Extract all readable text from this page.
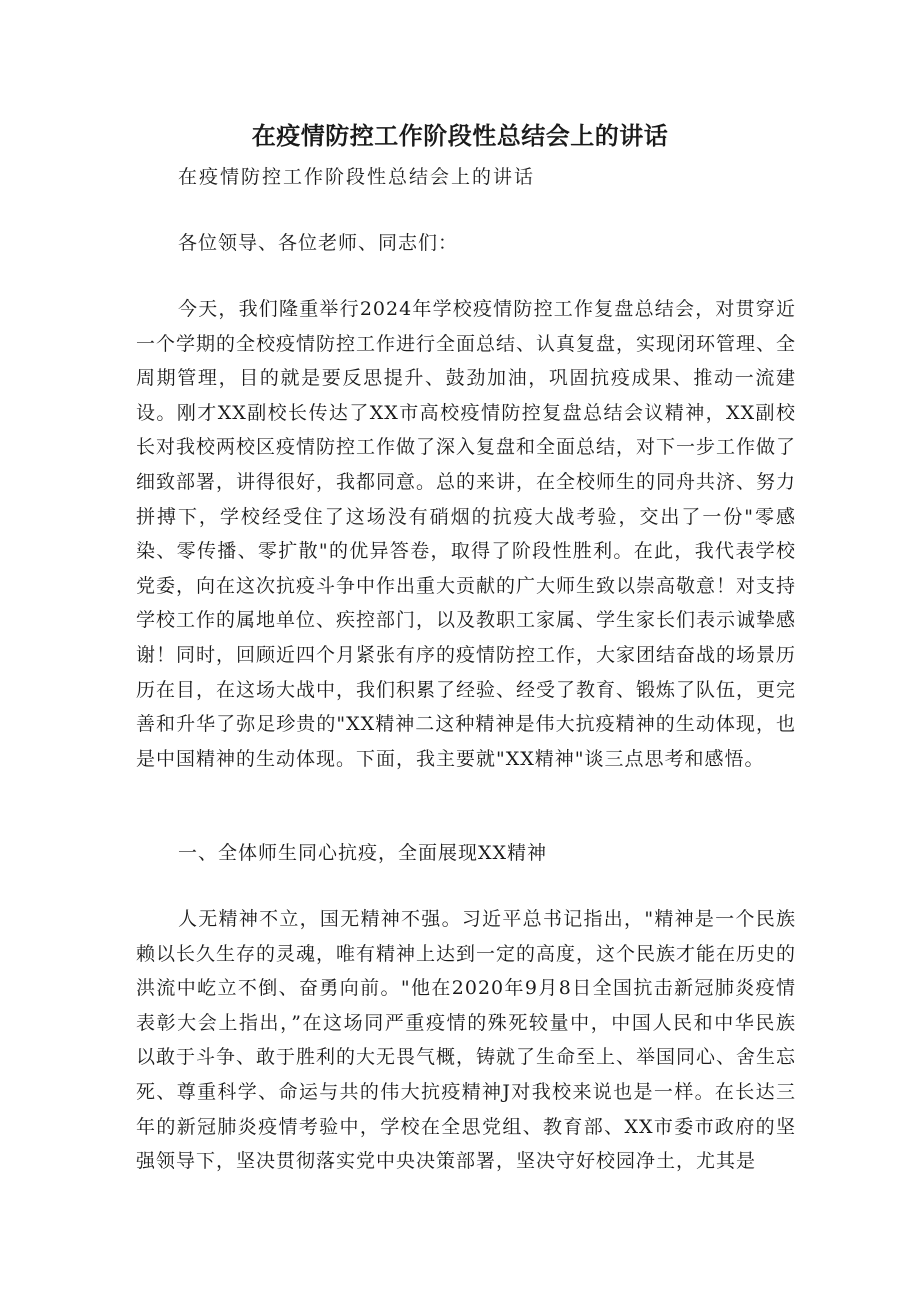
在疫情防控工作阶段性总结会上的讲话
在疫情防控工作阶段性总结会上的讲话
各位领导、各位老师、同志们：
今天，我们隆重举行2024年学校疫情防控工作复盘总结会，对贯穿近一个学期的全校疫情防控工作进行全面总结、认真复盘，实现闭环管理、全周期管理，目的就是要反思提升、鼓劲加油，巩固抗疫成果、推动一流建设。刚才XX副校长传达了XX市高校疫情防控复盘总结会议精神，XX副校长对我校两校区疫情防控工作做了深入复盘和全面总结，对下一步工作做了细致部署，讲得很好，我都同意。总的来讲，在全校师生的同舟共济、努力拼搏下，学校经受住了这场没有硝烟的抗疫大战考验，交出了一份"零感染、零传播、零扩散"的优异答卷，取得了阶段性胜利。在此，我代表学校党委，向在这次抗疫斗争中作出重大贡献的广大师生致以崇高敬意！对支持学校工作的属地单位、疾控部门，以及教职工家属、学生家长们表示诚挚感谢！同时，回顾近四个月紧张有序的疫情防控工作，大家团结奋战的场景历历在目，在这场大战中，我们积累了经验、经受了教育、锻炼了队伍，更完善和升华了弥足珍贵的"XX精神二这种精神是伟大抗疫精神的生动体现，也是中国精神的生动体现。下面，我主要就"XX精神"谈三点思考和感悟。
一、全体师生同心抗疫，全面展现XX精神
人无精神不立，国无精神不强。习近平总书记指出，"精神是一个民族赖以长久生存的灵魂，唯有精神上达到一定的高度，这个民族才能在历史的洪流中屹立不倒、奋勇向前。"他在2020年9月8日全国抗击新冠肺炎疫情表彰大会上指出，”在这场同严重疫情的殊死较量中，中国人民和中华民族以敢于斗争、敢于胜利的大无畏气概，铸就了生命至上、举国同心、舍生忘死、尊重科学、命运与共的伟大抗疫精神J对我校来说也是一样。在长达三年的新冠肺炎疫情考验中，学校在全思党组、教育部、XX市委市政府的坚强领导下，坚决贯彻落实党中央决策部署，坚决守好校园净土，尤其是
